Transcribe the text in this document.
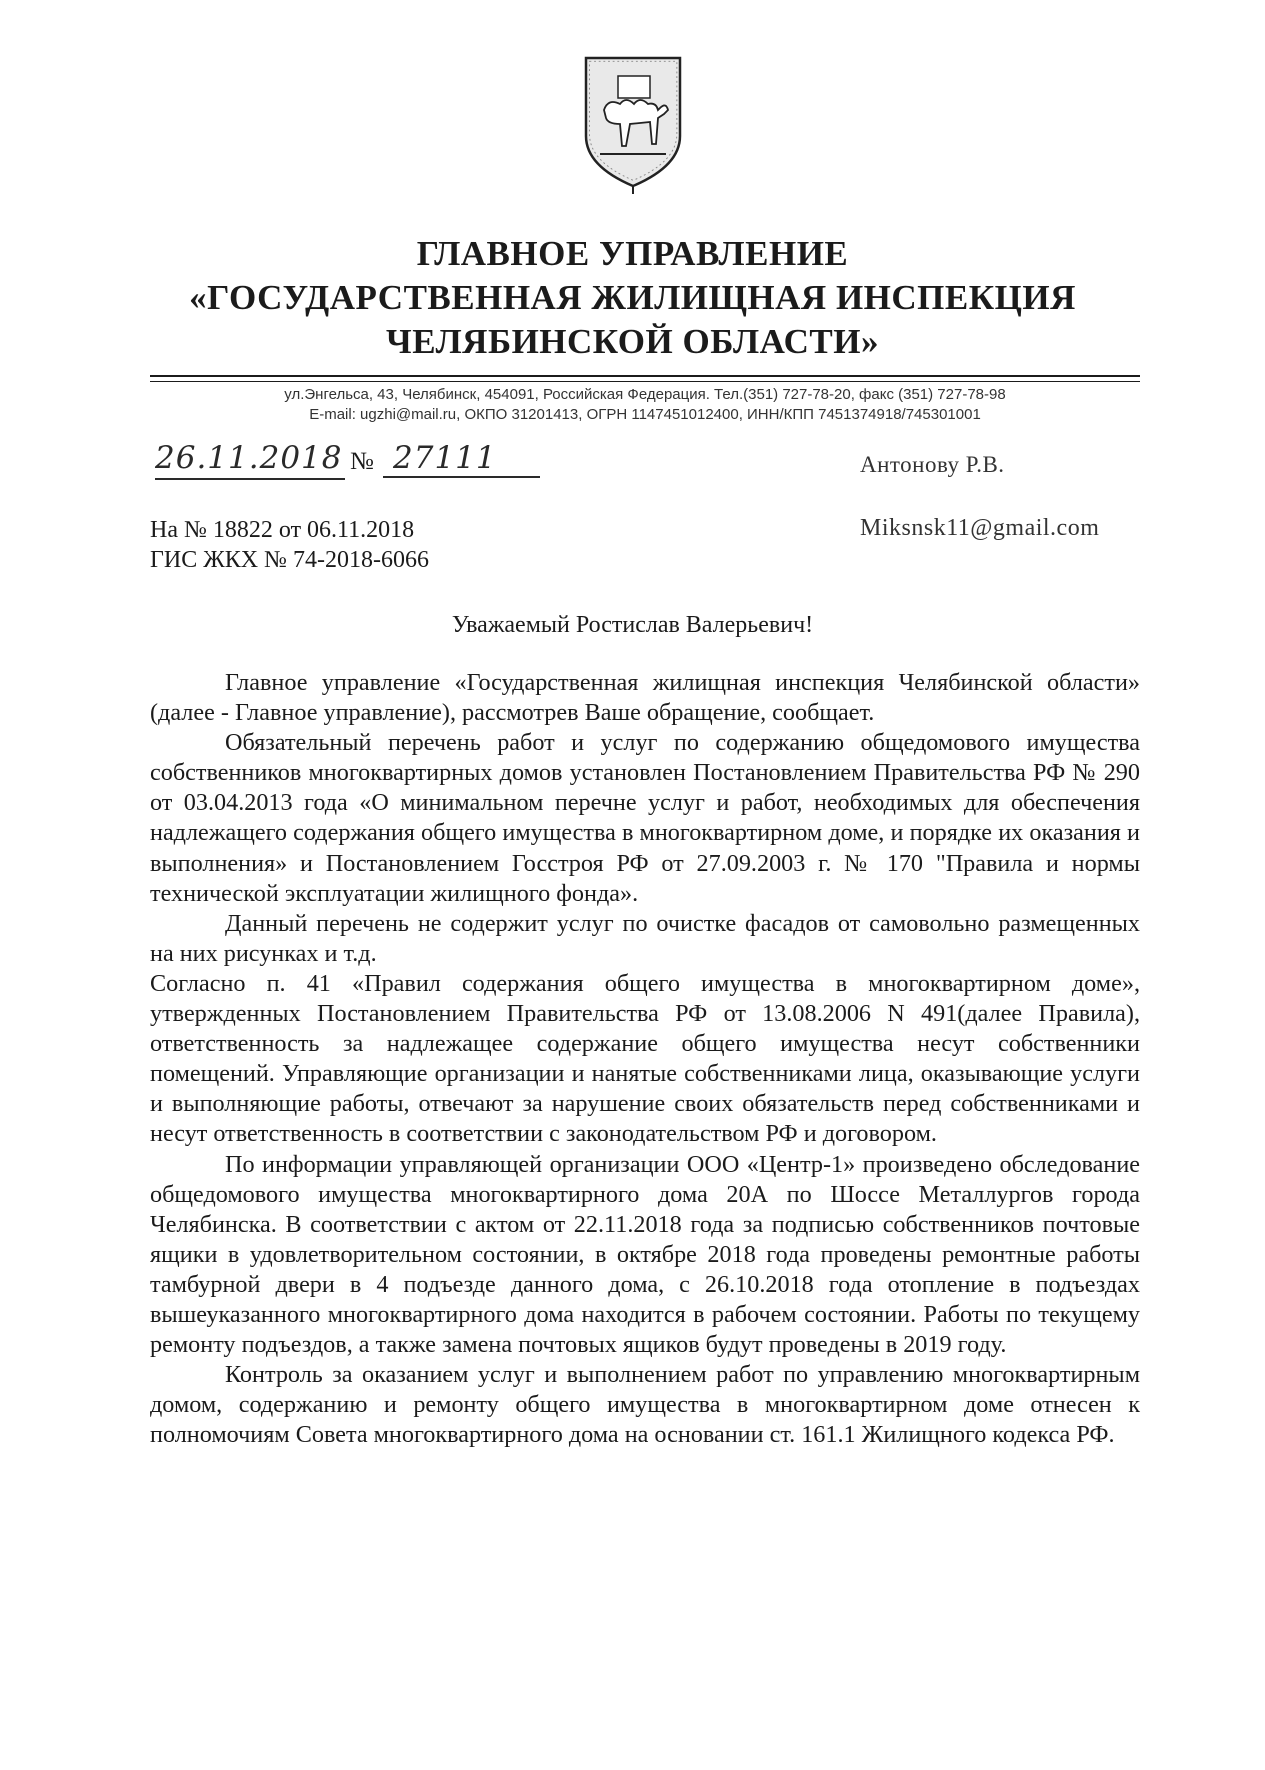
ГЛАВНОЕ УПРАВЛЕНИЕ
«ГОСУДАРСТВЕННАЯ ЖИЛИЩНАЯ ИНСПЕКЦИЯ
ЧЕЛЯБИНСКОЙ ОБЛАСТИ»
ул.Энгельса, 43, Челябинск, 454091, Российская Федерация. Тел.(351) 727-78-20, факс (351) 727-78-98
E-mail: ugzhi@mail.ru, ОКПО 31201413, ОГРН 1147451012400, ИНН/КПП 7451374918/745301001
26.11.2018 № 27111	Антонову Р.В.
Miksnsk11@gmail.com
На № 18822 от 06.11.2018
ГИС ЖКХ № 74-2018-6066
Уважаемый Ростислав Валерьевич!

Главное управление «Государственная жилищная инспекция Челябинской области» (далее - Главное управление), рассмотрев Ваше обращение, сообщает.

Обязательный перечень работ и услуг по содержанию общедомового имущества собственников многоквартирных домов установлен Постановлением Правительства РФ № 290 от 03.04.2013 года «О минимальном перечне услуг и работ, необходимых для обеспечения надлежащего содержания общего имущества в многоквартирном доме, и порядке их оказания и выполнения» и Постановлением Госстроя РФ от 27.09.2003 г. № 170 "Правила и нормы технической эксплуатации жилищного фонда».

Данный перечень не содержит услуг по очистке фасадов от самовольно размещенных на них рисунках и т.д.

Согласно п. 41 «Правил содержания общего имущества в многоквартирном доме», утвержденных Постановлением Правительства РФ от 13.08.2006 N 491(далее Правила), ответственность за надлежащее содержание общего имущества несут собственники помещений. Управляющие организации и нанятые собственниками лица, оказывающие услуги и выполняющие работы, отвечают за нарушение своих обязательств перед собственниками и несут ответственность в соответствии с законодательством РФ и договором.

По информации управляющей организации ООО «Центр-1» произведено обследование общедомового имущества многоквартирного дома 20А по Шоссе Металлургов города Челябинска. В соответствии с актом от 22.11.2018 года за подписью собственников почтовые ящики в удовлетворительном состоянии, в октябре 2018 года проведены ремонтные работы тамбурной двери в 4 подъезде данного дома, с 26.10.2018 года отопление в подъездах вышеуказанного многоквартирного дома находится в рабочем состоянии. Работы по текущему ремонту подъездов, а также замена почтовых ящиков будут проведены в 2019 году.

Контроль за оказанием услуг и выполнением работ по управлению многоквартирным домом, содержанию и ремонту общего имущества в многоквартирном доме отнесен к полномочиям Совета многоквартирного дома на основании ст. 161.1 Жилищного кодекса РФ.
